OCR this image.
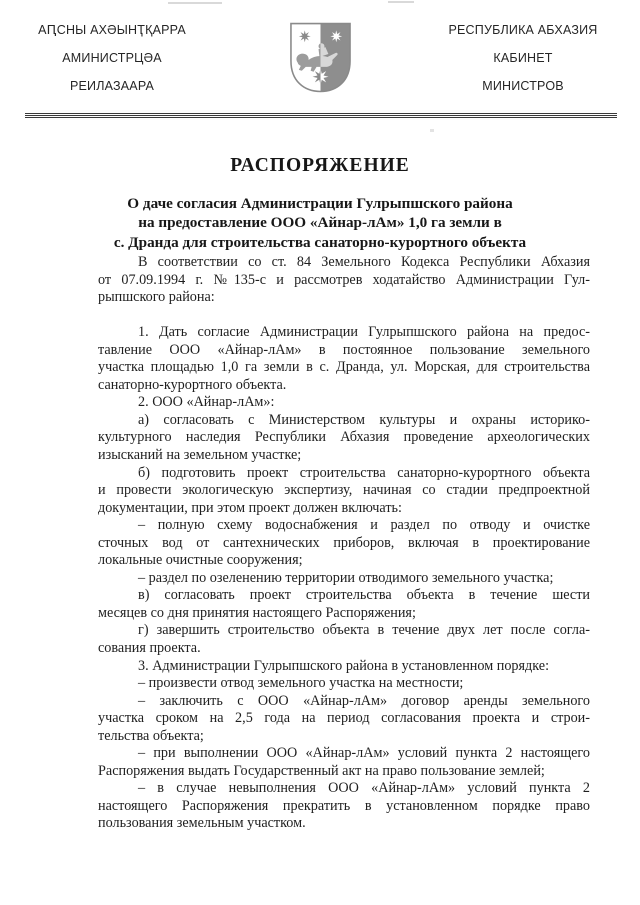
АԤСНЫ АХӘЫНҬҚАРРА
АМИНИСТРЦӘА
РЕИЛАЗААРА
РЕСПУБЛИКА АБХАЗИЯ
КАБИНЕТ
МИНИСТРОВ
РАСПОРЯЖЕНИЕ
О даче согласия Администрации Гулрыпшского района
на предоставление ООО «Айнар-лАм» 1,0 га земли в
с. Дранда для строительства санаторно-курортного объекта
В соответствии со ст. 84 Земельного Кодекса Республики Абхазия
от 07.09.1994 г. №135-с и рассмотрев ходатайство Администрации Гул-
рыпшского района:
1. Дать согласие Администрации Гулрыпшского района на предос-
тавление ООО «Айнар-лАм» в постоянное пользование земельного
участка площадью 1,0 га земли в с. Дранда, ул. Морская, для строительства
санаторно-курортного объекта.
2. ООО «Айнар-лАм»:
а) согласовать с Министерством культуры и охраны историко-
культурного наследия Республики Абхазия проведение археологических
изысканий на земельном участке;
б) подготовить проект строительства санаторно-курортного объекта
и провести экологическую экспертизу, начиная со стадии предпроектной
документации, при этом проект должен включать:
– полную схему водоснабжения и раздел по отводу и очистке
сточных вод от сантехнических приборов, включая в проектирование
локальные очистные сооружения;
– раздел по озеленению территории отводимого земельного участка;
в) согласовать проект строительства объекта в течение шести
месяцев со дня принятия настоящего Распоряжения;
г) завершить строительство объекта в течение двух лет после согла-
сования проекта.
3. Администрации Гулрыпшского района в установленном порядке:
– произвести отвод земельного участка на местности;
– заключить с ООО «Айнар-лАм» договор аренды земельного
участка сроком на 2,5 года на период согласования проекта и строи-
тельства объекта;
– при выполнении ООО «Айнар-лАм» условий пункта 2 настоящего
Распоряжения выдать Государственный акт на право пользование землей;
– в случае невыполнения ООО «Айнар-лАм» условий пункта 2
настоящего Распоряжения прекратить в установленном порядке право
пользования земельным участком.
